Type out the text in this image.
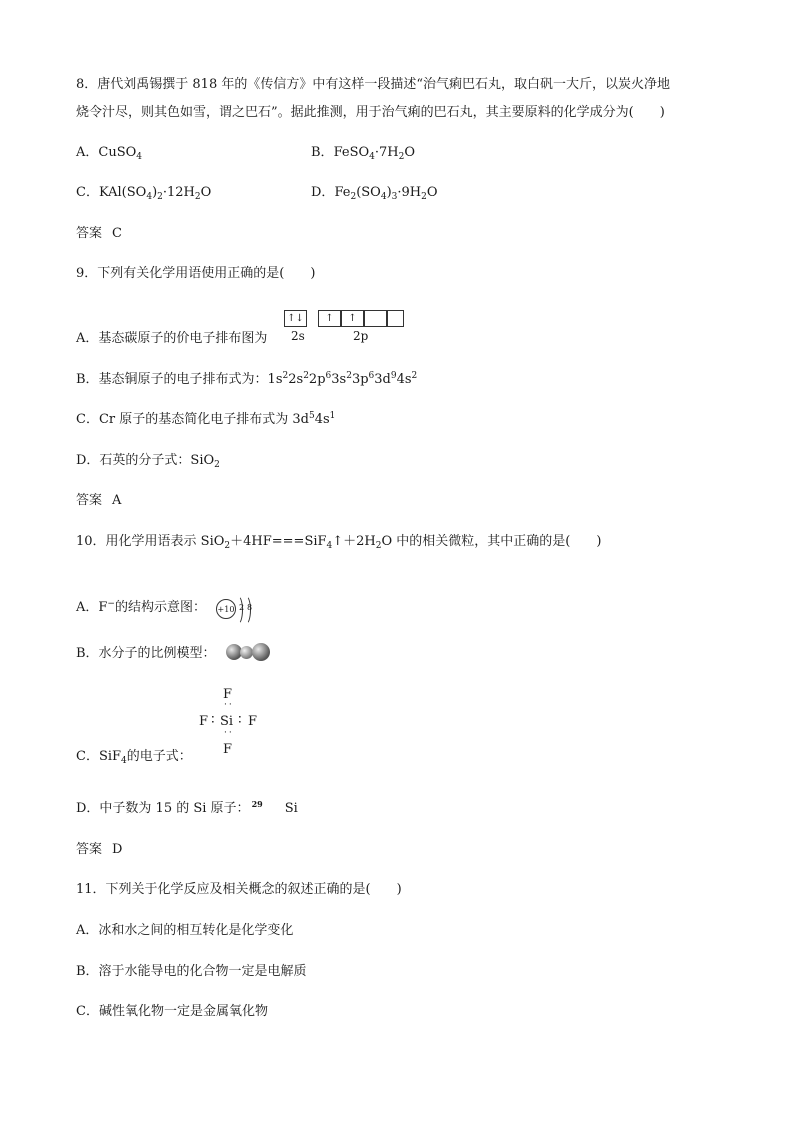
8．唐代刘禹锡撰于 818 年的《传信方》中有这样一段描述“治气痢巴石丸，取白矾一大斤，以炭火净地
烧令汁尽，则其色如雪，谓之巴石”。据此推测，用于治气痢的巴石丸，其主要原料的化学成分为(　　)
A．CuSO$_4$	B．$FeSO_4\cdot 7H_2O$
C．$KAl(SO_4)_2\cdot 12H_2O$	D．$Fe_2(SO_4)_3\cdot 9H_2O$
答案 C
9．下列有关化学用语使用正确的是(　　)
↑↓	↑	↑
2s	2p
A．基态碳原子的价电子排布图为
B．基态铜原子的电子排布式为：$1s^22s^22p^63s^23p^63d^94s^2$
C．Cr 原子的基态简化电子排布式为 $3d^54s^1$
D．石英的分子式：SiO$_2$
答案 A
10．用化学用语表示 $SiO_2+4HF===SiF_4↑+2H_2O$ 中的相关微粒，其中正确的是(　　)
A．F−的结构示意图： +10 2 8
B．水分子的比例模型：
C．SiF$_4$的电子式：
F
··
F ∶ Si ∶ F
··
F
D．中子数为 15 的 Si 原子： $^{29}$ Si
答案 D
11．下列关于化学反应及相关概念的叙述正确的是(　　)
A．冰和水之间的相互转化是化学变化
B．溶于水能导电的化合物一定是电解质
C．碱性氧化物一定是金属氧化物
